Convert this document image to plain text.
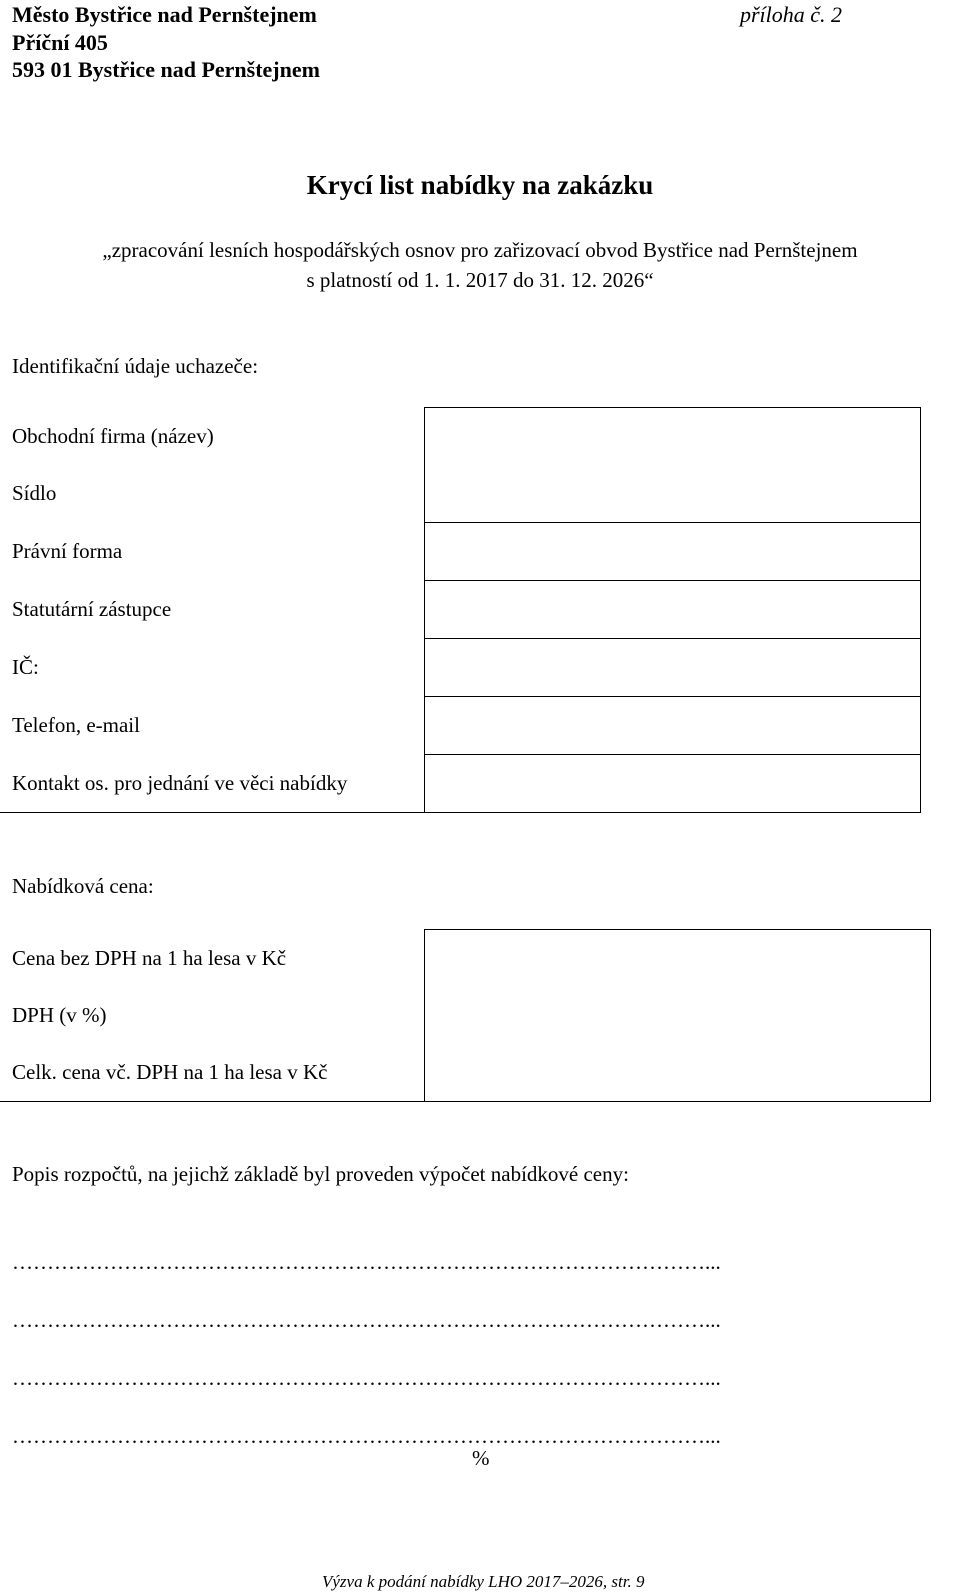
Město Bystřice nad Pernštejnem
Příční 405
593 01 Bystřice nad Pernštejnem
příloha č. 2
Krycí list nabídky na zakázku
„zpracování lesních hospodářských osnov pro zařizovací obvod Bystřice nad Pernštejnem
s platností od 1. 1. 2017 do 31. 12. 2026“
Identifikační údaje uchazeče:
Obchodní firma (název)	
Sídlo	
Právní forma	
Statutární zástupce	
IČ:	
Telefon, e-mail	
Kontakt os. pro jednání ve věci nabídky	
Nabídková cena:
Cena bez DPH na 1 ha lesa v Kč	
DPH (v %)	
Celk. cena vč. DPH na 1 ha lesa v Kč	
Popis rozpočtů, na jejichž základě byl proveden výpočet nabídkové ceny:
………………………………………………………………………………………...
………………………………………………………………………………………...
………………………………………………………………………………………...
………………………………………………………………………………………...
%
Výzva k podání nabídky LHO 2017–2026, str. 9
